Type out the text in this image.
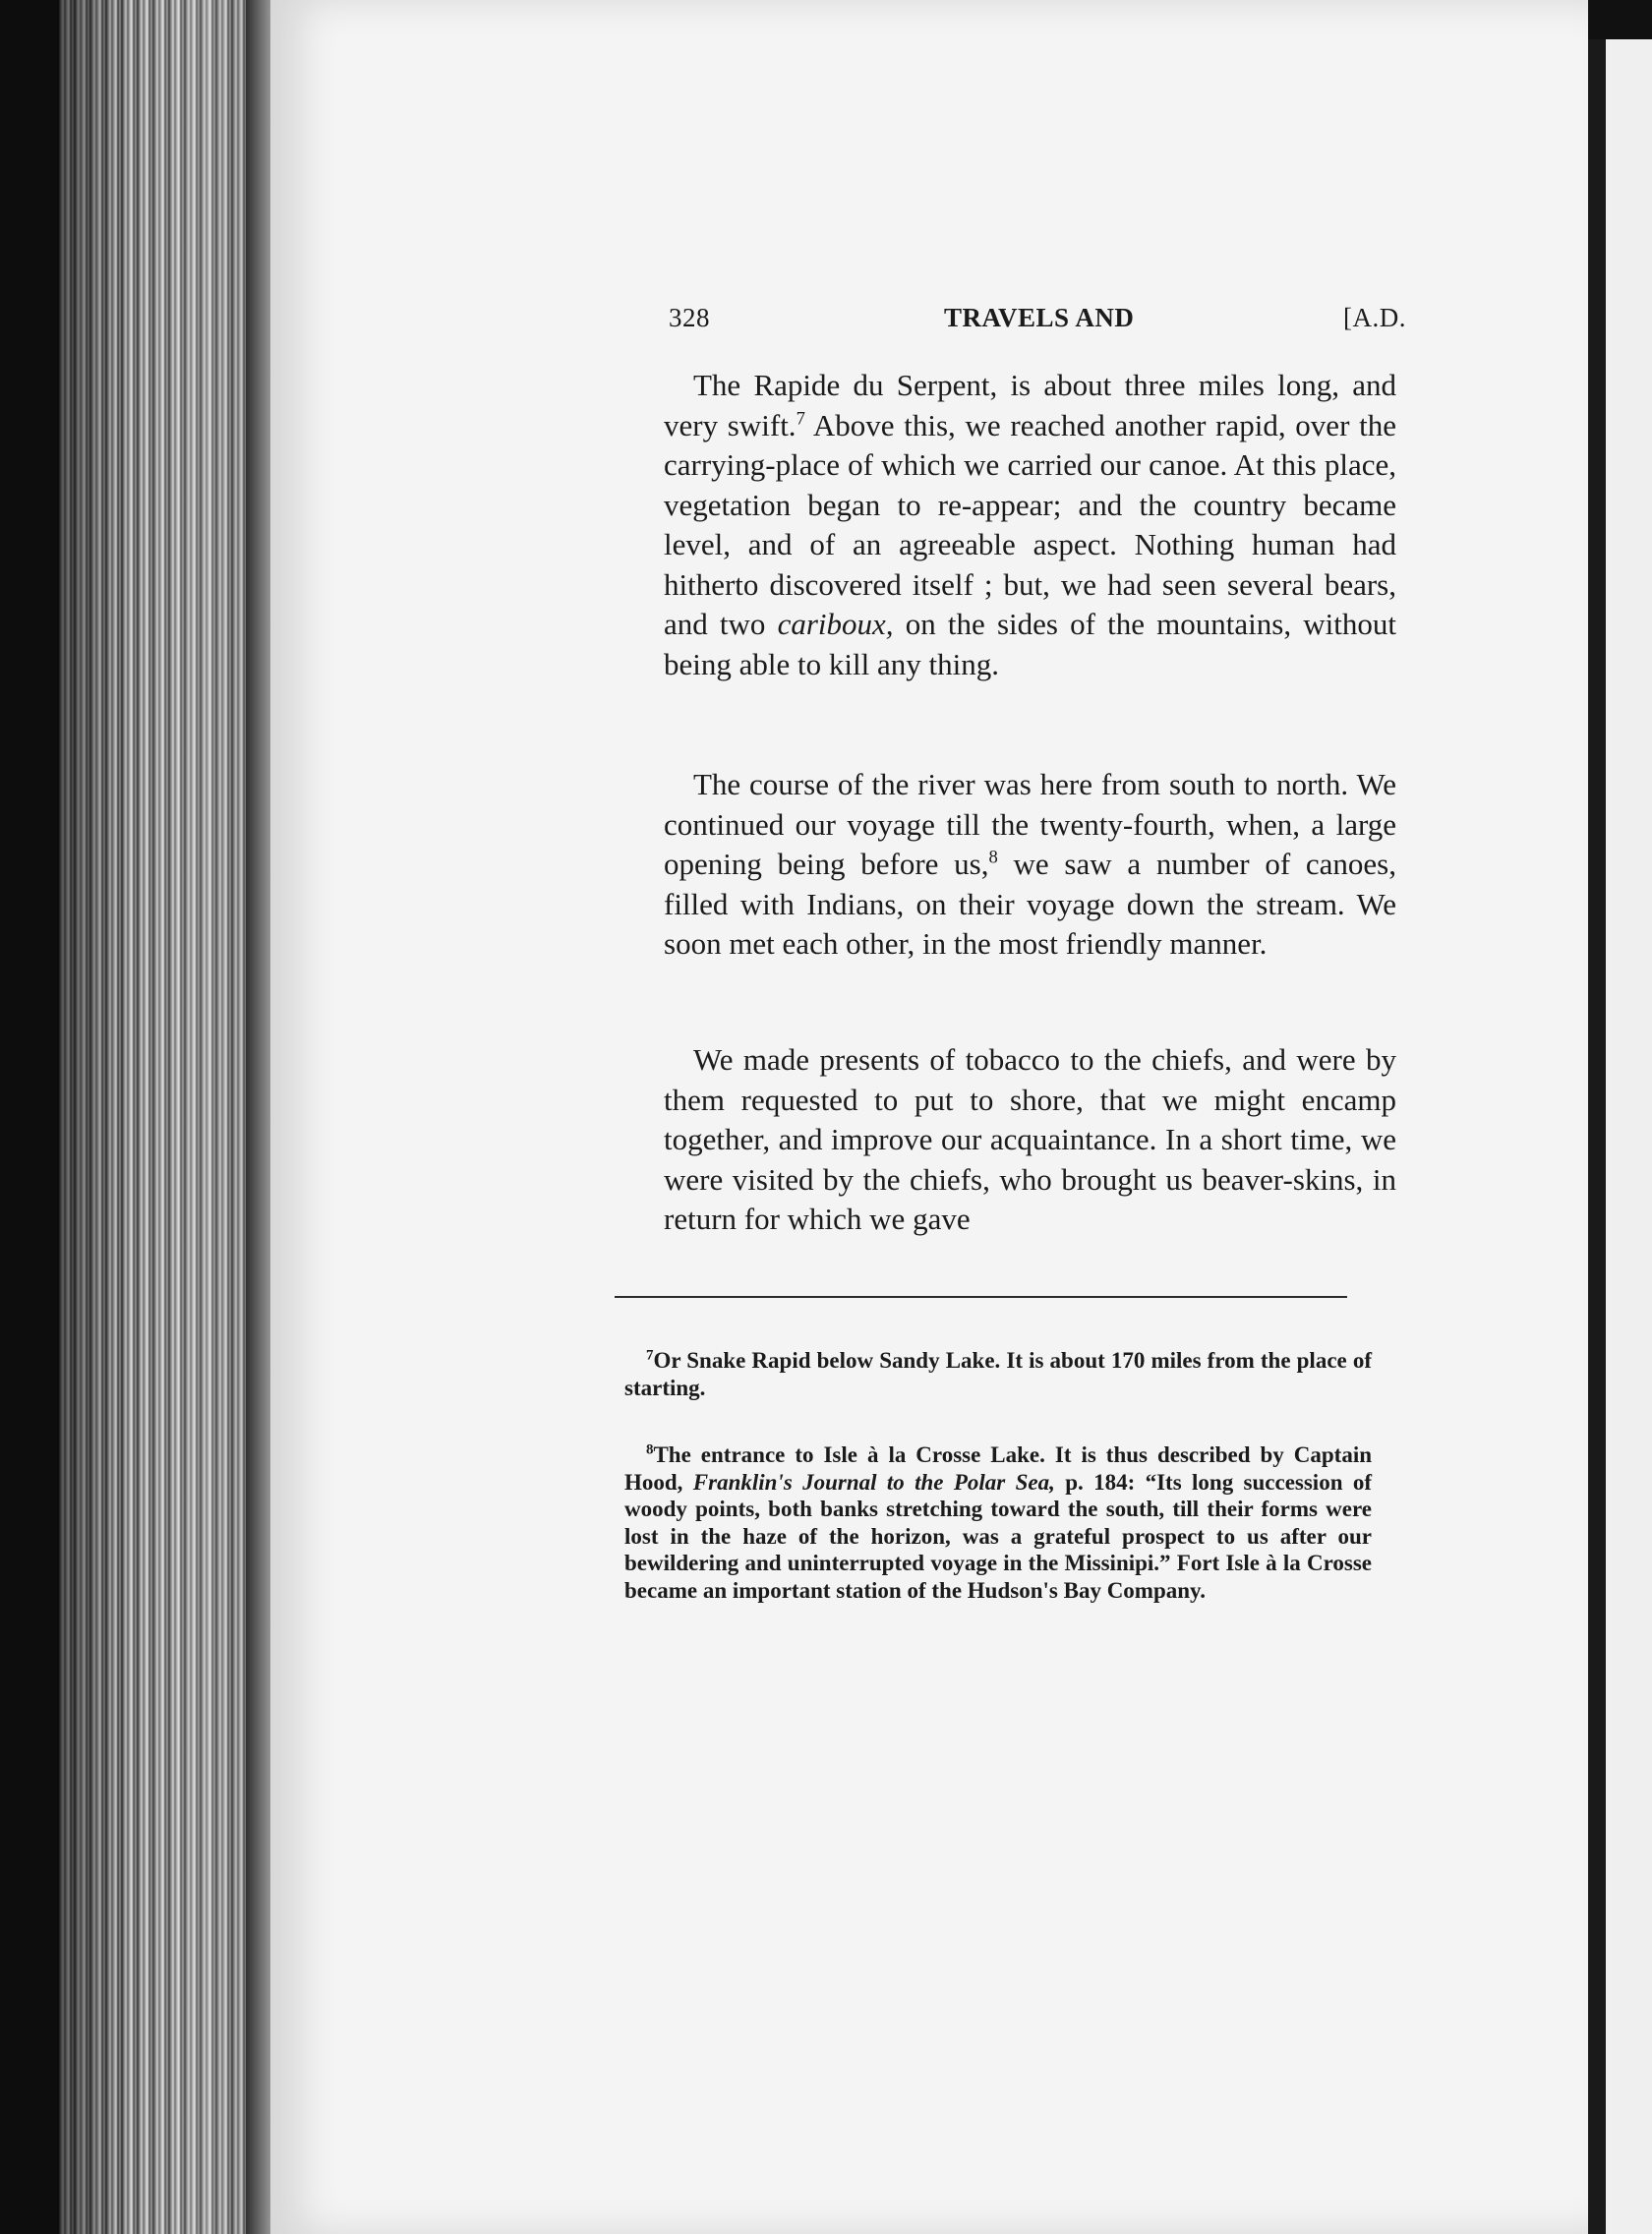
328	TRAVELS AND	[A.D.

The Rapide du Serpent, is about three miles long, and very swift.$^7$ Above this, we reached another rapid, over the carrying-place of which we carried our canoe. At this place, vegetation began to re-appear; and the country became level, and of an agreeable aspect. Nothing human had hitherto discovered itself ; but, we had seen several bears, and two cariboux, on the sides of the mountains, without being able to kill any thing.

The course of the river was here from south to north. We continued our voyage till the twenty-fourth, when, a large opening being before us,$^8$ we saw a number of canoes, filled with Indians, on their voyage down the stream. We soon met each other, in the most friendly manner.

We made presents of tobacco to the chiefs, and were by them requested to put to shore, that we might encamp together, and improve our acquaintance. In a short time, we were visited by the chiefs, who brought us beaver-skins, in return for which we gave

$^7$Or Snake Rapid below Sandy Lake. It is about 170 miles from the place of starting.

$^8$The entrance to Isle à la Crosse Lake. It is thus described by Captain Hood, Franklin's Journal to the Polar Sea, p. 184: “Its long succession of woody points, both banks stretching toward the south, till their forms were lost in the haze of the horizon, was a grateful prospect to us after our bewildering and uninterrupted voyage in the Missinipi.” Fort Isle à la Crosse became an important station of the Hudson's Bay Company.
